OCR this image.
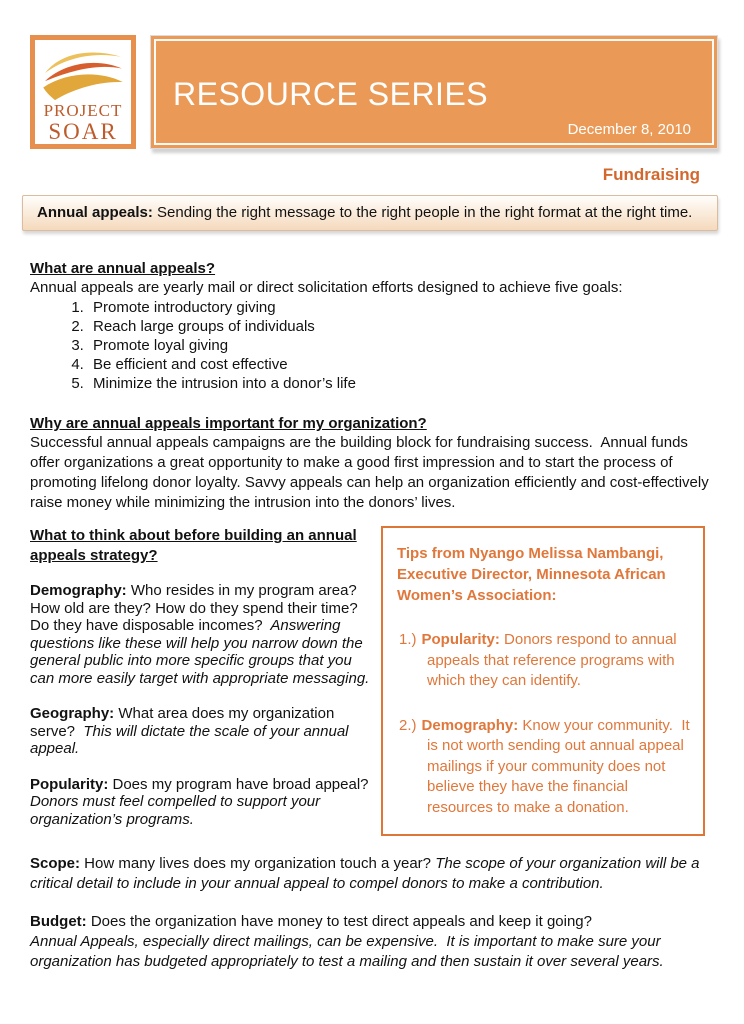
PROJECT
SOAR
RESOURCE SERIES
December 8, 2010
Fundraising
Annual appeals: Sending the right message to the right people in the right format at the right time.

What are annual appeals?

Annual appeals are yearly mail or direct solicitation efforts designed to achieve five goals:

1. Promote introductory giving
2. Reach large groups of individuals
3. Promote loyal giving
4. Be efficient and cost effective
5. Minimize the intrusion into a donor’s life

Why are annual appeals important for my organization?

Successful annual appeals campaigns are the building block for fundraising success.  Annual funds offer organizations a great opportunity to make a good first impression and to start the process of promoting lifelong donor loyalty. Savvy appeals can help an organization efficiently and cost-effectively raise money while minimizing the intrusion into the donors’ lives.

What to think about before building an annual appeals strategy?

Demography: Who resides in my program area? How old are they? How do they spend their time? Do they have disposable incomes?  Answering questions like these will help you narrow down the general public into more specific groups that you can more easily target with appropriate messaging.

Geography: What area does my organization serve?  This will dictate the scale of your annual appeal.

Popularity: Does my program have broad appeal?  Donors must feel compelled to support your organization’s programs.

Tips from Nyango Melissa Nambangi, Executive Director, Minnesota African Women’s Association:

1.) Popularity: Donors respond to annual appeals that reference programs with which they can identify.
2.) Demography: Know your community.  It is not worth sending out annual appeal mailings if your community does not believe they have the financial resources to make a donation.

Scope: How many lives does my organization touch a year? The scope of your organization will be a critical detail to include in your annual appeal to compel donors to make a contribution.

Budget: Does the organization have money to test direct appeals and keep it going?
Annual Appeals, especially direct mailings, can be expensive.  It is important to make sure your organization has budgeted appropriately to test a mailing and then sustain it over several years.
